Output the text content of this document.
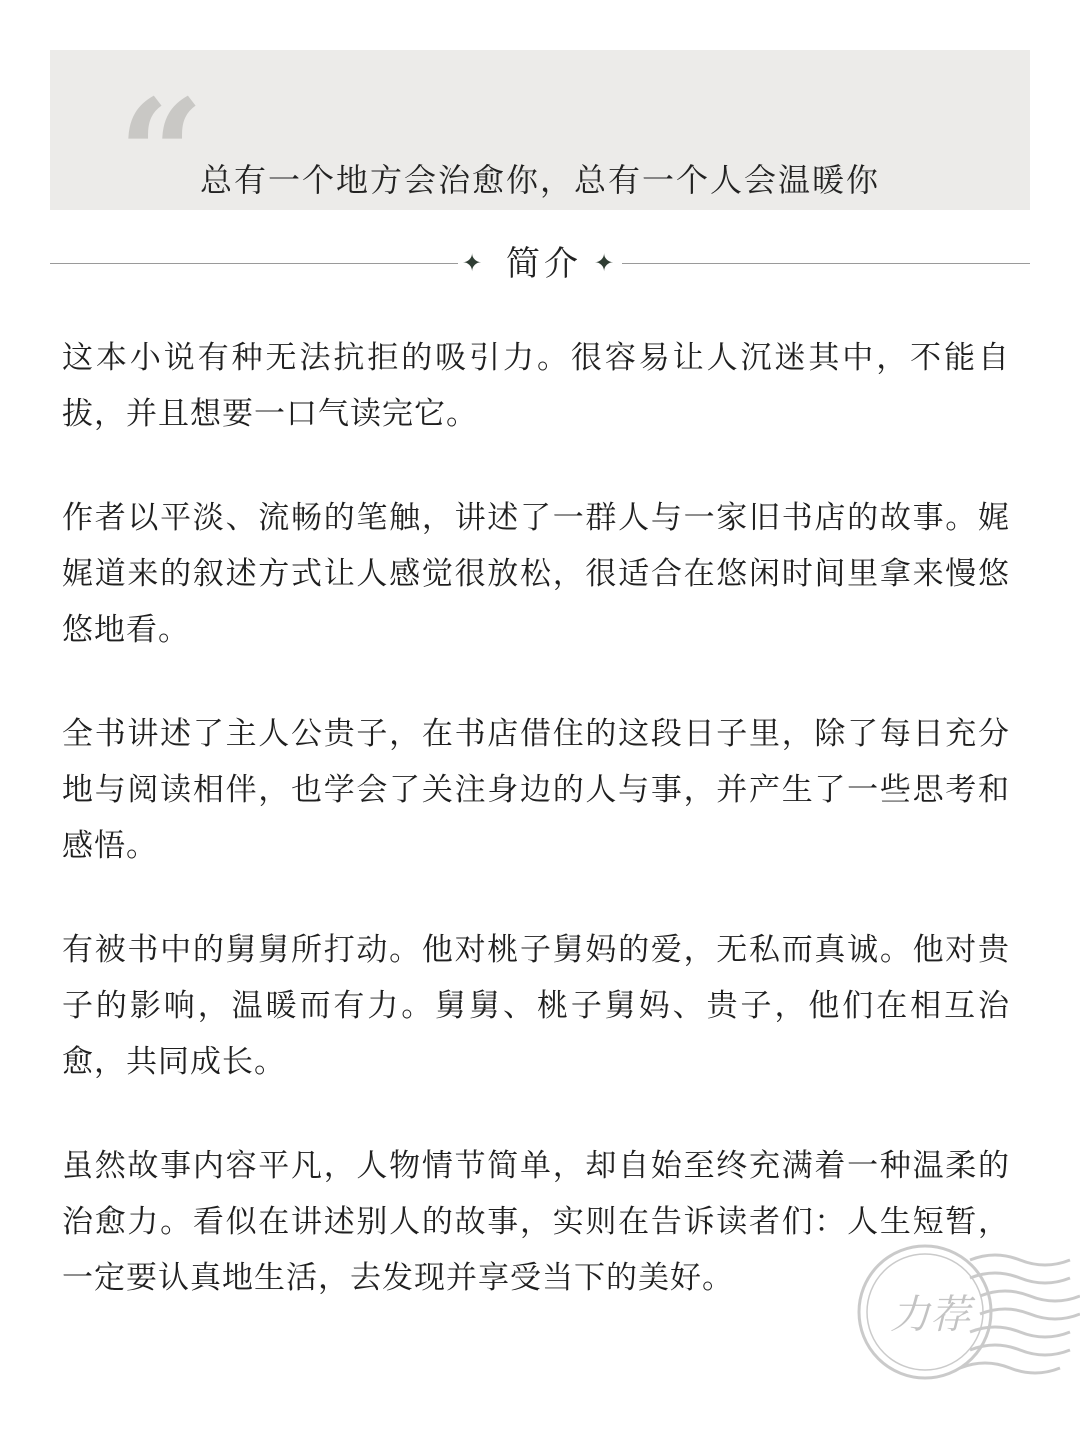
“
总有一个地方会治愈你，总有一个人会温暖你
✦ 简介 ✦

这本小说有种无法抗拒的吸引力。很容易让人沉迷其中，不能自拔，并且想要一口气读完它。

作者以平淡、流畅的笔触，讲述了一群人与一家旧书店的故事。娓娓道来的叙述方式让人感觉很放松，很适合在悠闲时间里拿来慢悠悠地看。

全书讲述了主人公贵子，在书店借住的这段日子里，除了每日充分地与阅读相伴，也学会了关注身边的人与事，并产生了一些思考和感悟。

有被书中的舅舅所打动。他对桃子舅妈的爱，无私而真诚。他对贵子的影响，温暖而有力。舅舅、桃子舅妈、贵子，他们在相互治愈，共同成长。

虽然故事内容平凡，人物情节简单，却自始至终充满着一种温柔的治愈力。看似在讲述别人的故事，实则在告诉读者们：人生短暂，一定要认真地生活，去发现并享受当下的美好。

力荐
